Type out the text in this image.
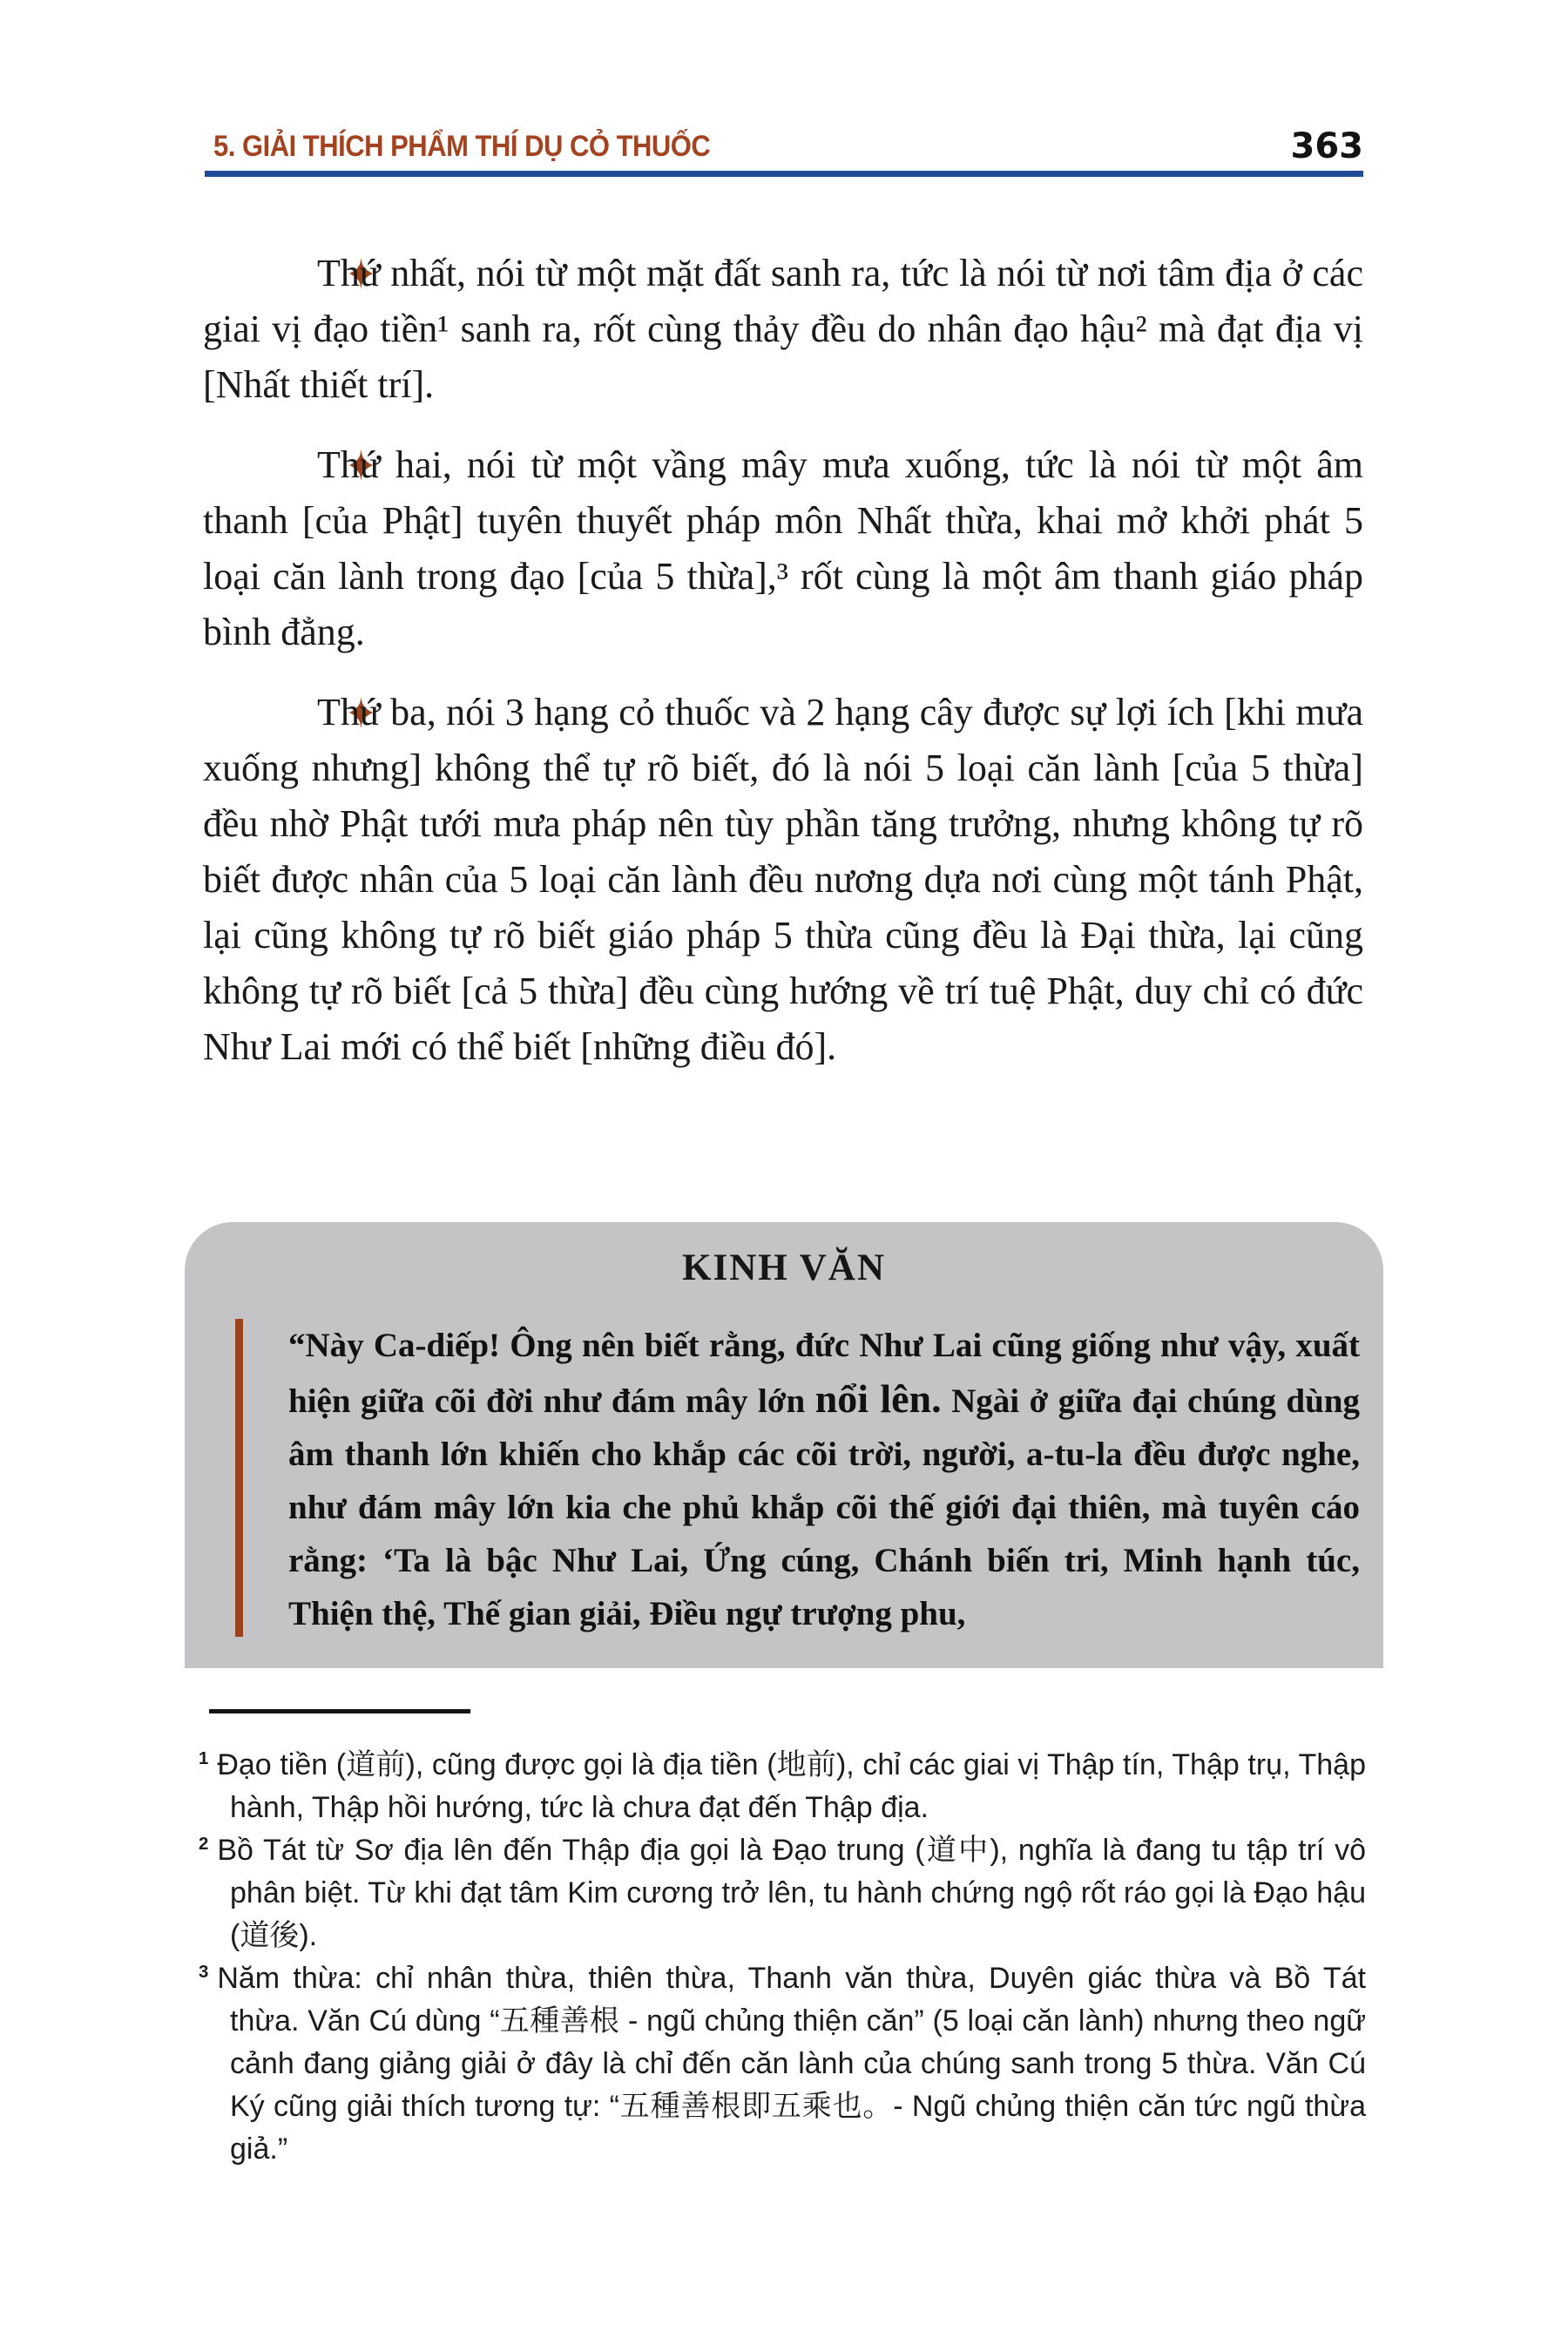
5. GIẢI THÍCH PHẨM THÍ DỤ CỎ THUỐC	363

Thứ nhất, nói từ một mặt đất sanh ra, tức là nói từ nơi tâm địa ở các giai vị đạo tiền¹ sanh ra, rốt cùng thảy đều do nhân đạo hậu² mà đạt địa vị [Nhất thiết trí].

Thứ hai, nói từ một vầng mây mưa xuống, tức là nói từ một âm thanh [của Phật] tuyên thuyết pháp môn Nhất thừa, khai mở khởi phát 5 loại căn lành trong đạo [của 5 thừa],³ rốt cùng là một âm thanh giáo pháp bình đẳng.

Thứ ba, nói 3 hạng cỏ thuốc và 2 hạng cây được sự lợi ích [khi mưa xuống nhưng] không thể tự rõ biết, đó là nói 5 loại căn lành [của 5 thừa] đều nhờ Phật tưới mưa pháp nên tùy phần tăng trưởng, nhưng không tự rõ biết được nhân của 5 loại căn lành đều nương dựa nơi cùng một tánh Phật, lại cũng không tự rõ biết giáo pháp 5 thừa cũng đều là Đại thừa, lại cũng không tự rõ biết [cả 5 thừa] đều cùng hướng về trí tuệ Phật, duy chỉ có đức Như Lai mới có thể biết [những điều đó].

KINH VĂN
“Này Ca-diếp! Ông nên biết rằng, đức Như Lai cũng giống như vậy, xuất hiện giữa cõi đời như đám mây lớn nổi lên. Ngài ở giữa đại chúng dùng âm thanh lớn khiến cho khắp các cõi trời, người, a-tu-la đều được nghe, như đám mây lớn kia che phủ khắp cõi thế giới đại thiên, mà tuyên cáo rằng: ‘Ta là bậc Như Lai, Ứng cúng, Chánh biến tri, Minh hạnh túc, Thiện thệ, Thế gian giải, Điều ngự trượng phu,

$^1$ Đạo tiền (道前), cũng được gọi là địa tiền (地前), chỉ các giai vị Thập tín, Thập trụ, Thập hành, Thập hồi hướng, tức là chưa đạt đến Thập địa.

$^2$ Bồ Tát từ Sơ địa lên đến Thập địa gọi là Đạo trung (道中), nghĩa là đang tu tập trí vô phân biệt. Từ khi đạt tâm Kim cương trở lên, tu hành chứng ngộ rốt ráo gọi là Đạo hậu (道後).

$^3$ Năm thừa: chỉ nhân thừa, thiên thừa, Thanh văn thừa, Duyên giác thừa và Bồ Tát thừa. Văn Cú dùng “五種善根 - ngũ chủng thiện căn” (5 loại căn lành) nhưng theo ngữ cảnh đang giảng giải ở đây là chỉ đến căn lành của chúng sanh trong 5 thừa. Văn Cú Ký cũng giải thích tương tự: “五種善根即五乘也。- Ngũ chủng thiện căn tức ngũ thừa giả.”
